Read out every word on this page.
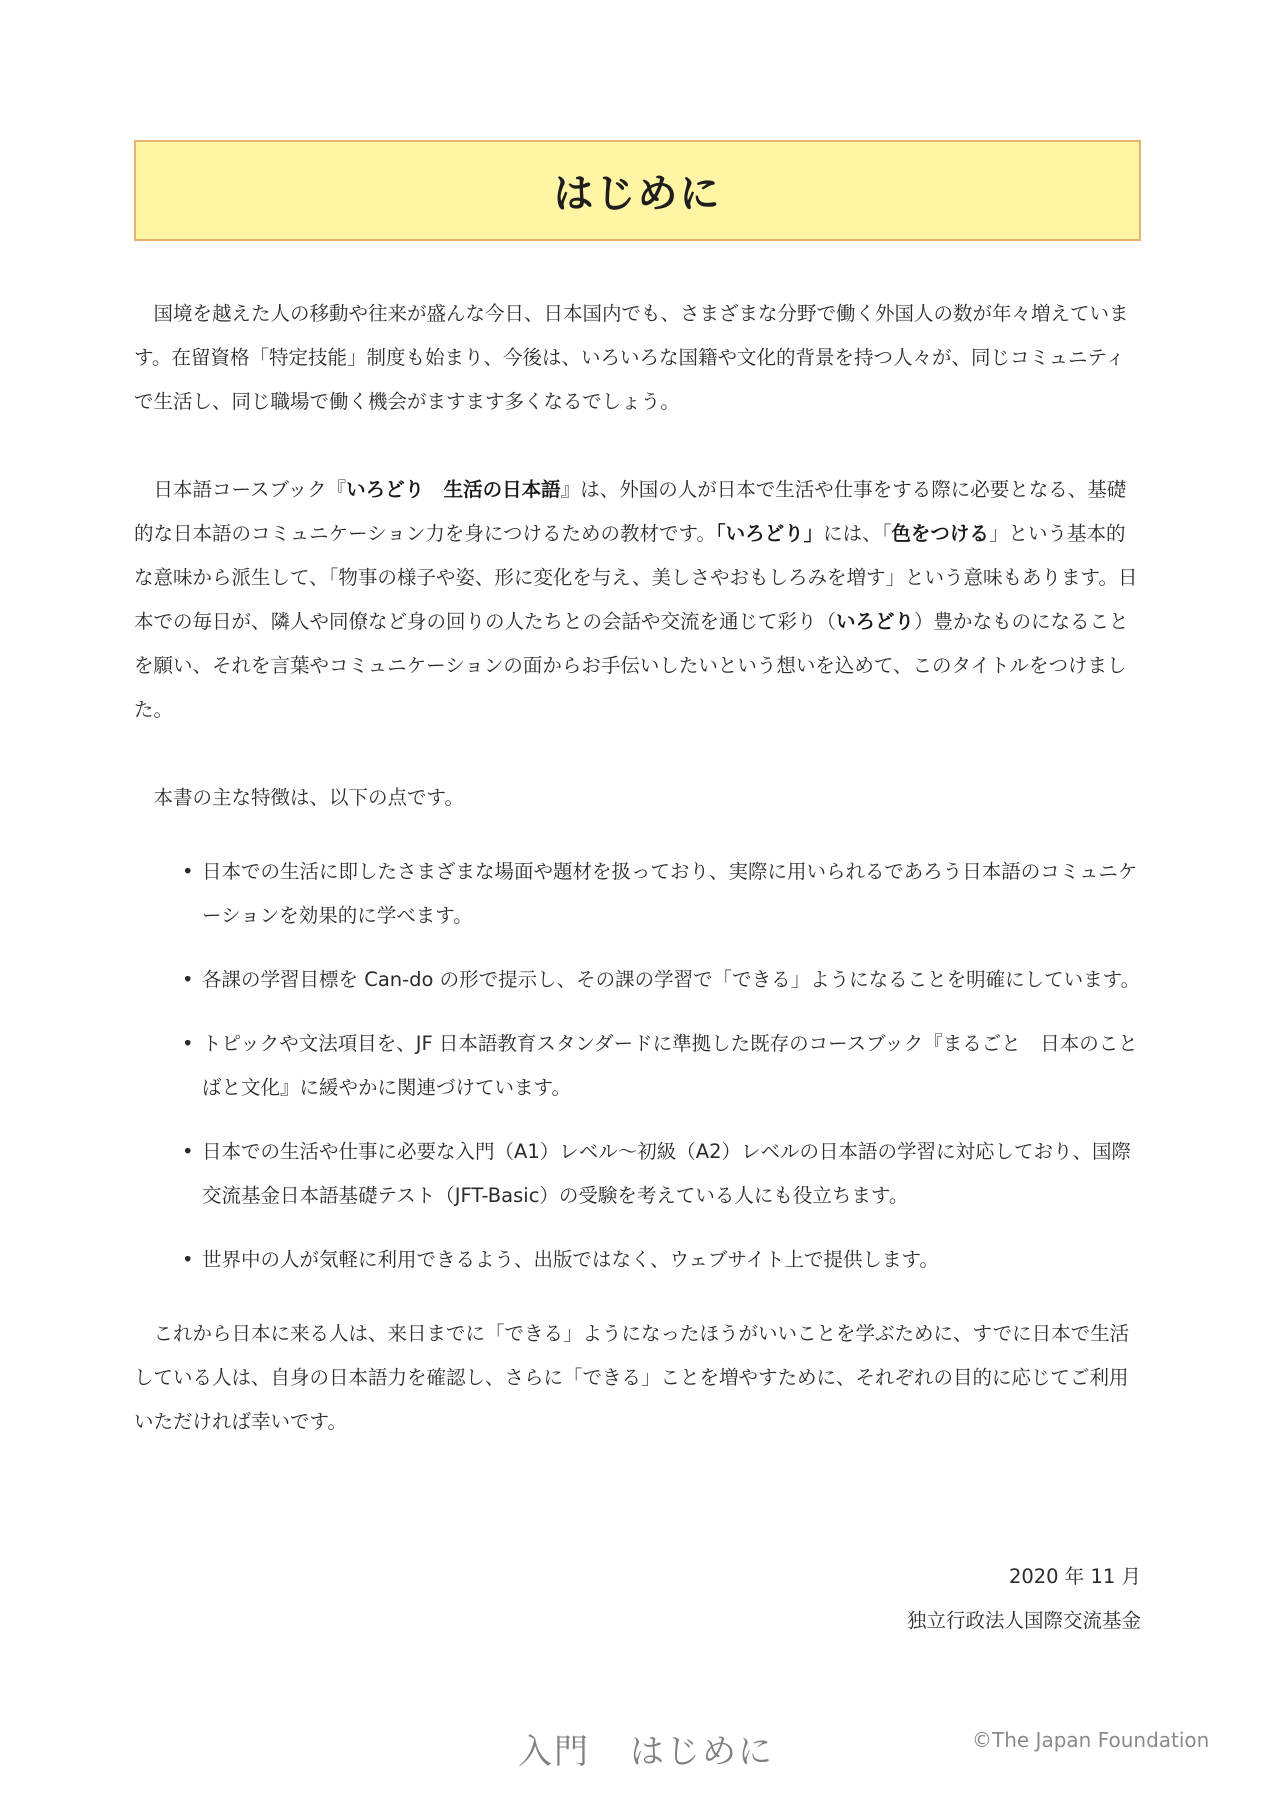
はじめに

国境を越えた人の移動や往来が盛んな今日、日本国内でも、さまざまな分野で働く外国人の数が年々増えています。在留資格「特定技能」制度も始まり、今後は、いろいろな国籍や文化的背景を持つ人々が、同じコミュニティで生活し、同じ職場で働く機会がますます多くなるでしょう。

日本語コースブック『いろどり　生活の日本語』は、外国の人が日本で生活や仕事をする際に必要となる、基礎的な日本語のコミュニケーション力を身につけるための教材です。「いろどり」には、「色をつける」という基本的な意味から派生して、「物事の様子や姿、形に変化を与え、美しさやおもしろみを増す」という意味もあります。日本での毎日が、隣人や同僚など身の回りの人たちとの会話や交流を通じて彩り（いろどり）豊かなものになることを願い、それを言葉やコミュニケーションの面からお手伝いしたいという想いを込めて、このタイトルをつけました。

本書の主な特徴は、以下の点です。

• 日本での生活に即したさまざまな場面や題材を扱っており、実際に用いられるであろう日本語のコミュニケーションを効果的に学べます。
• 各課の学習目標を Can-do の形で提示し、その課の学習で「できる」ようになることを明確にしています。
• トピックや文法項目を、JF 日本語教育スタンダードに準拠した既存のコースブック『まるごと　日本のことばと文化』に緩やかに関連づけています。
• 日本での生活や仕事に必要な入門（A1）レベル～初級（A2）レベルの日本語の学習に対応しており、国際交流基金日本語基礎テスト（JFT-Basic）の受験を考えている人にも役立ちます。
• 世界中の人が気軽に利用できるよう、出版ではなく、ウェブサイト上で提供します。

これから日本に来る人は、来日までに「できる」ようになったほうがいいことを学ぶために、すでに日本で生活している人は、自身の日本語力を確認し、さらに「できる」ことを増やすために、それぞれの目的に応じてご利用いただければ幸いです。

2020 年 11 月
独立行政法人国際交流基金
入門 はじめに	©The Japan Foundation
